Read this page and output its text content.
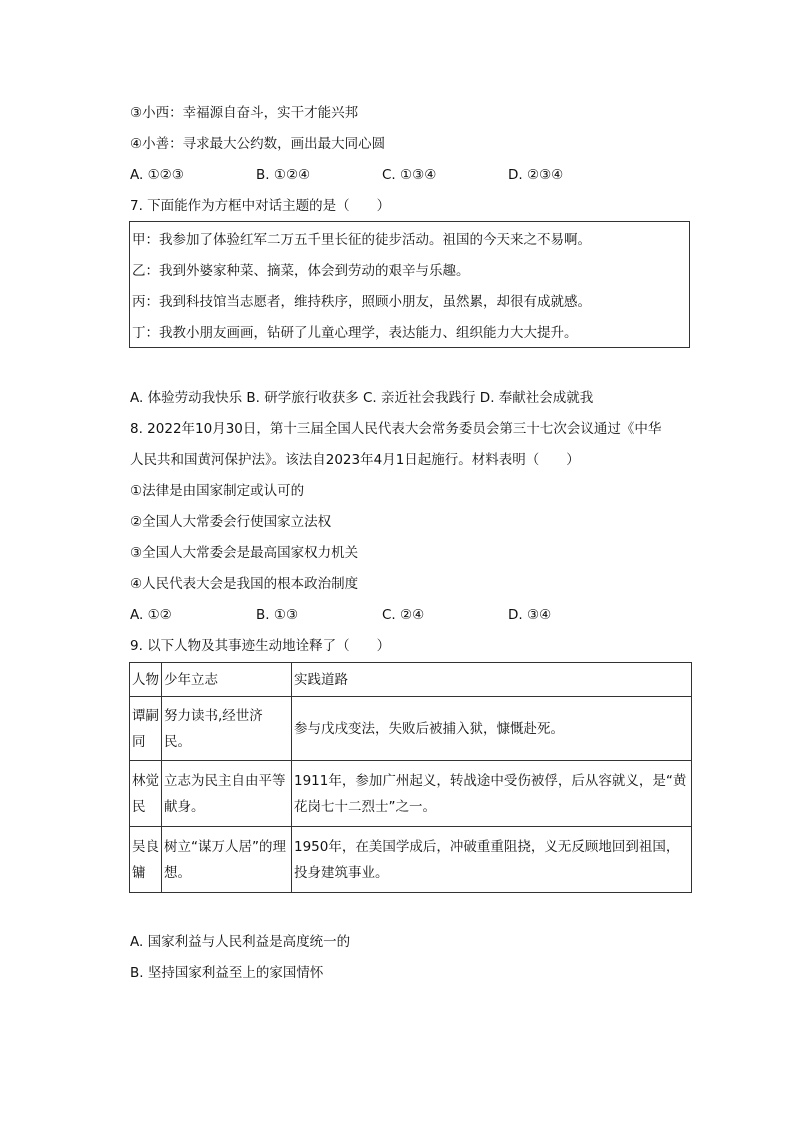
③小西：幸福源自奋斗，实干才能兴邦
④小善：寻求最大公约数，画出最大同心圆
A. ①②③	B. ①②④	C. ①③④	D. ②③④
7. 下面能作为方框中对话主题的是（　　）
甲：我参加了体验红军二万五千里长征的徒步活动。祖国的今天来之不易啊。
乙：我到外婆家种菜、摘菜，体会到劳动的艰辛与乐趣。
丙：我到科技馆当志愿者，维持秩序，照顾小朋友，虽然累，却很有成就感。
丁：我教小朋友画画，钻研了儿童心理学，表达能力、组织能力大大提升。
A. 体验劳动我快乐 B. 研学旅行收获多 C. 亲近社会我践行 D. 奉献社会成就我
8. 2022年10月30日，第十三届全国人民代表大会常务委员会第三十七次会议通过《中华
人民共和国黄河保护法》。该法自2023年4月1日起施行。材料表明（　　）
①法律是由国家制定或认可的
②全国人大常委会行使国家立法权
③全国人大常委会是最高国家权力机关
④人民代表大会是我国的根本政治制度
A. ①②	B. ①③	C. ②④	D. ③④
9. 以下人物及其事迹生动地诠释了（　　）
人物	少年立志	实践道路
谭嗣同	努力读书,经世济民。	参与戊戌变法，失败后被捕入狱，慷慨赴死。
林觉民	立志为民主自由平等献身。	1911年，参加广州起义，转战途中受伤被俘，后从容就义，是“黄花岗七十二烈士”之一。
吴良镛	树立“谋万人居”的理想。	1950年，在美国学成后，冲破重重阻挠，义无反顾地回到祖国，投身建筑事业。
A. 国家利益与人民利益是高度统一的
B. 坚持国家利益至上的家国情怀
